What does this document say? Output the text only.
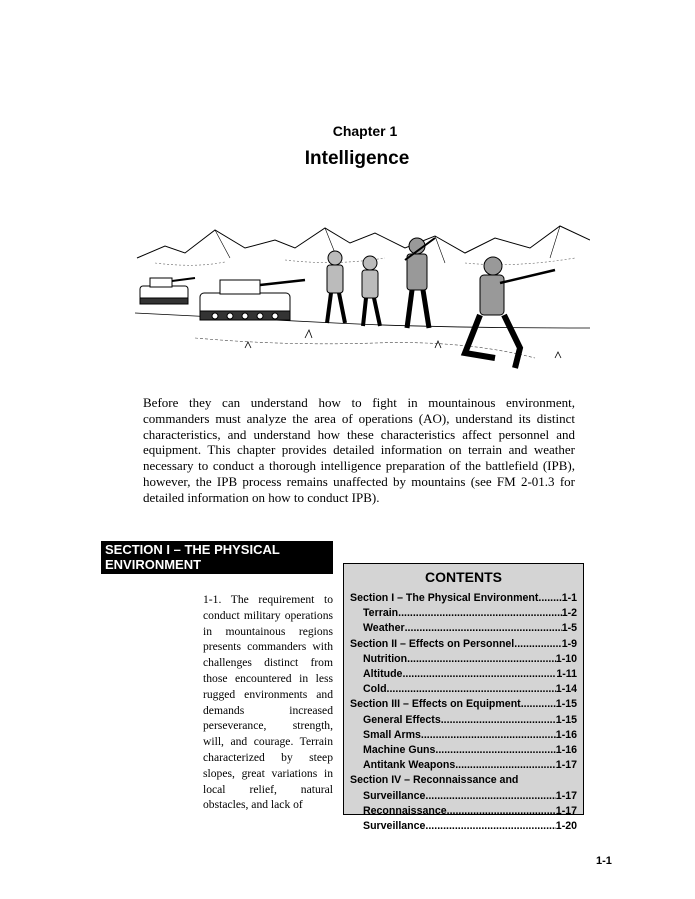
Chapter 1
Intelligence

Before they can understand how to fight in mountainous environment, commanders must analyze the area of operations (AO), understand its distinct characteristics, and understand how these characteristics affect personnel and equipment. This chapter provides detailed information on terrain and weather necessary to conduct a thorough intelligence preparation of the battlefield (IPB), however, the IPB process remains unaffected by mountains (see FM 2-01.3 for detailed information on how to conduct IPB).

SECTION I – THE PHYSICAL
ENVIRONMENT

1-1. The requirement to conduct military operations in mountainous regions presents commanders with challenges distinct from those encountered in less rugged environments and demands increased perseverance, strength, will, and courage. Terrain characterized by steep slopes, great variations in local relief, natural obstacles, and lack of

CONTENTS
Section I – The Physical Environment ..... 1-1
Terrain .....	1-2
Weather .....	1-5
Section II – Effects on Personnel .....	1-9
Nutrition .....	1-10
Altitude .....	1-11
Cold .....	1-14
Section III – Effects on Equipment .....	1-15
General Effects .....	1-15
Small Arms .....	1-16
Machine Guns .....	1-16
Antitank Weapons .....	1-17
Section IV – Reconnaissance and
Surveillance .....	1-17
Reconnaissance .....	1-17
Surveillance .....	1-20
1-1
